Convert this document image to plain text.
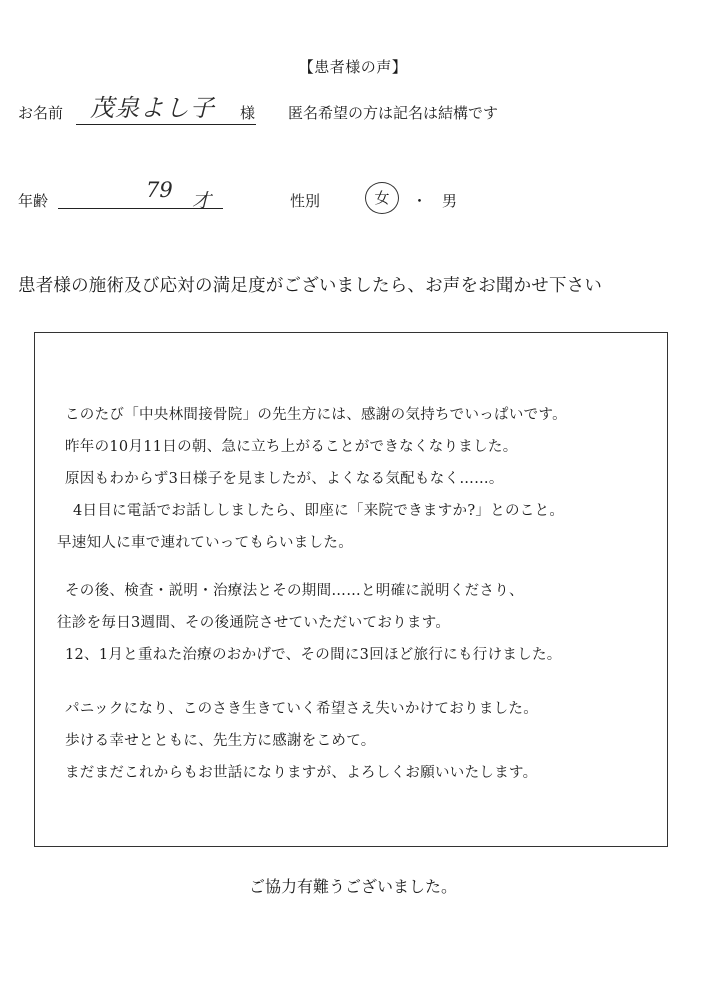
【患者様の声】
お名前 茂泉よし子 様 匿名希望の方は記名は結構です
年齢	79 才	性別	女	・ 男
患者様の施術及び応対の満足度がございましたら、お声をお聞かせ下さい
このたび「中央林間接骨院」の先生方には、感謝の気持ちでいっぱいです。
昨年の10月11日の朝、急に立ち上がることができなくなりました。
原因もわからず3日様子を見ましたが、よくなる気配もなく……。
4日目に電話でお話ししましたら、即座に「来院できますか?」とのこと。
早速知人に車で連れていってもらいました。
その後、検査・説明・治療法とその期間……と明確に説明くださり、
往診を毎日3週間、その後通院させていただいております。
12、1月と重ねた治療のおかげで、その間に3回ほど旅行にも行けました。
パニックになり、このさき生きていく希望さえ失いかけておりました。
歩ける幸せとともに、先生方に感謝をこめて。
まだまだこれからもお世話になりますが、よろしくお願いいたします。
ご協力有難うございました。
